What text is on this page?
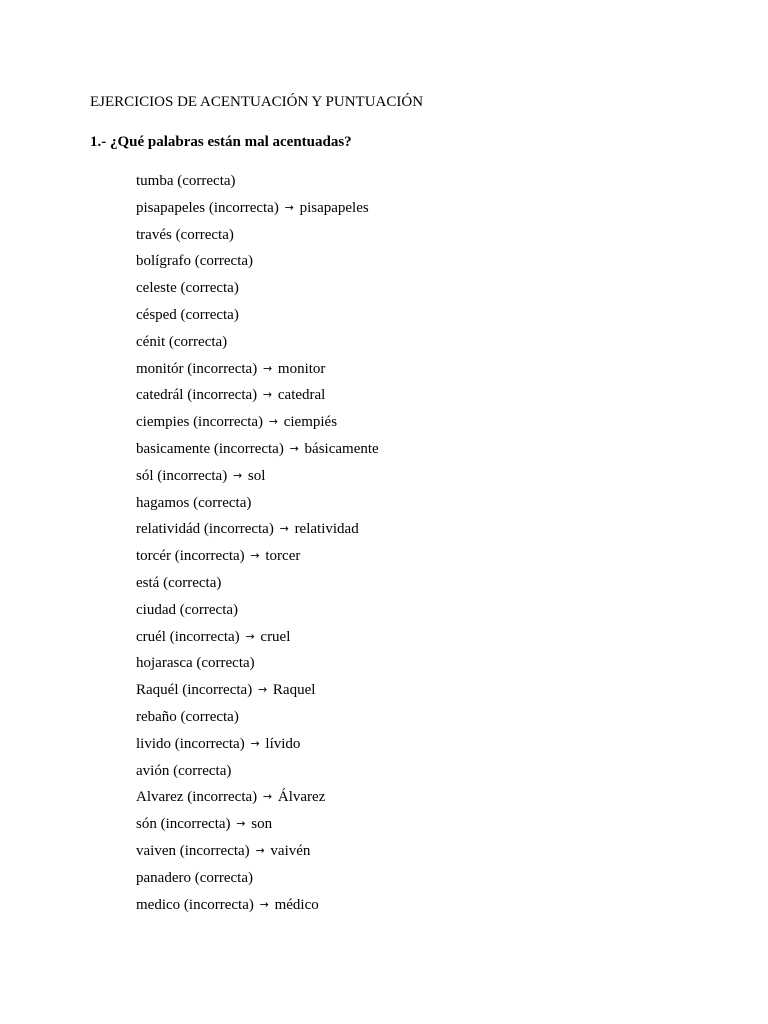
EJERCICIOS DE ACENTUACIÓN Y PUNTUACIÓN
1.- ¿Qué palabras están mal acentuadas?
tumba (correcta)
pisapapeles (incorrecta) → pisapapeles
través (correcta)
bolígrafo (correcta)
celeste (correcta)
césped (correcta)
cénit (correcta)
monitór (incorrecta) → monitor
catedrál (incorrecta) → catedral
ciempies (incorrecta) → ciempiés
basicamente (incorrecta) → básicamente
sól (incorrecta) → sol
hagamos (correcta)
relatividád (incorrecta) → relatividad
torcér (incorrecta) → torcer
está (correcta)
ciudad (correcta)
cruél (incorrecta) → cruel
hojarasca (correcta)
Raquél (incorrecta) → Raquel
rebaño (correcta)
livido (incorrecta) → lívido
avión (correcta)
Alvarez (incorrecta) → Álvarez
són (incorrecta) → son
vaiven (incorrecta) → vaivén
panadero (correcta)
medico (incorrecta) → médico
